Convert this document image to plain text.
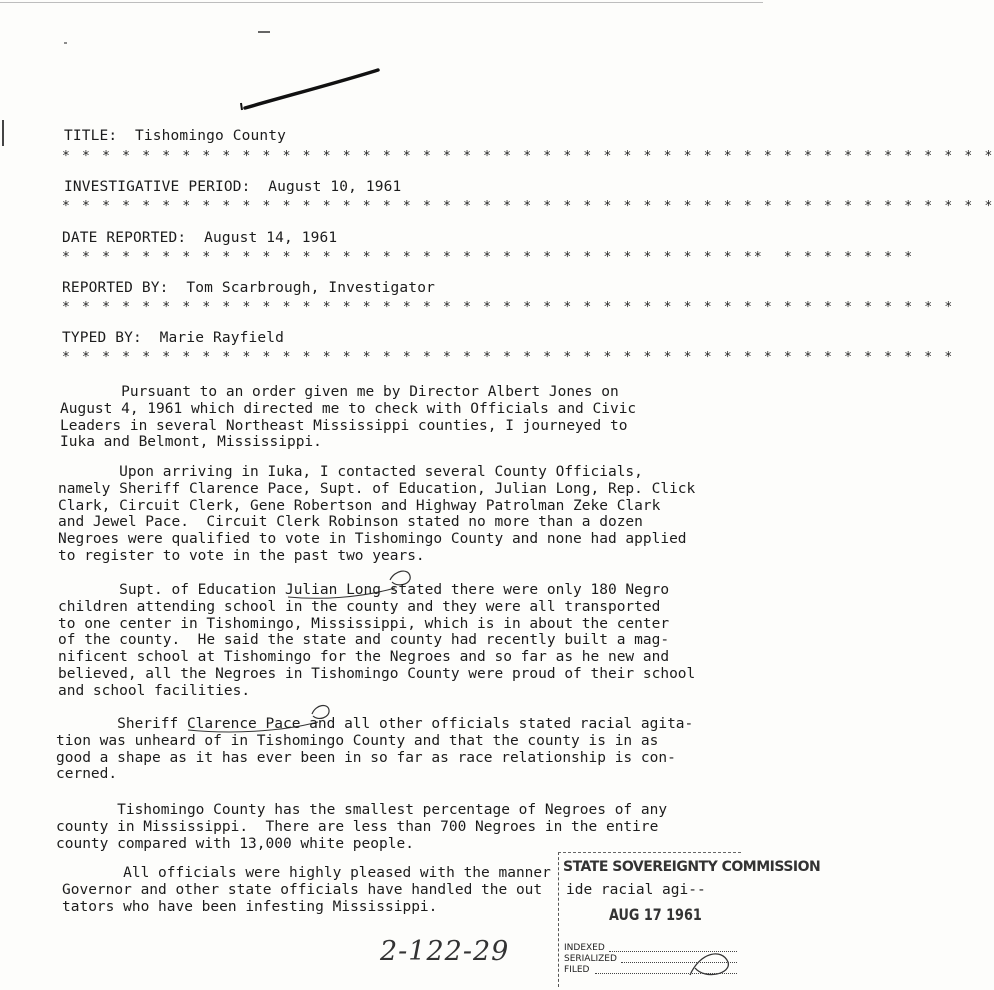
TITLE:  Tishomingo County
* * * * * * * * * * * * * * * * * * * * * * * * * * * * * * * * * * * * * * * * * * * * * * *
INVESTIGATIVE PERIOD:  August 10, 1961
* * * * * * * * * * * * * * * * * * * * * * * * * * * * * * * * * * * * * * * * * * * * * * *
DATE REPORTED:  August 14, 1961
* * * * * * * * * * * * * * * * * * * * * * * * * * * * * * * * * * **  * * * * * * *
REPORTED BY:  Tom Scarbrough, Investigator
* * * * * * * * * * * * * * * * * * * * * * * * * * * * * * * * * * * * * * * * * * * * *
TYPED BY:  Marie Rayfield
* * * * * * * * * * * * * * * * * * * * * * * * * * * * * * * * * * * * * * * * * * * * *
Pursuant to an order given me by Director Albert Jones on
August 4, 1961 which directed me to check with Officials and Civic
Leaders in several Northeast Mississippi counties, I journeyed to
Iuka and Belmont, Mississippi.
Upon arriving in Iuka, I contacted several County Officials,
namely Sheriff Clarence Pace, Supt. of Education, Julian Long, Rep. Click
Clark, Circuit Clerk, Gene Robertson and Highway Patrolman Zeke Clark
and Jewel Pace.  Circuit Clerk Robinson stated no more than a dozen
Negroes were qualified to vote in Tishomingo County and none had applied
to register to vote in the past two years.
Supt. of Education Julian Long stated there were only 180 Negro
children attending school in the county and they were all transported
to one center in Tishomingo, Mississippi, which is in about the center
of the county.  He said the state and county had recently built a mag-
nificent school at Tishomingo for the Negroes and so far as he new and
believed, all the Negroes in Tishomingo County were proud of their school
and school facilities.
Sheriff Clarence Pace and all other officials stated racial agita-
tion was unheard of in Tishomingo County and that the county is in as
good a shape as it has ever been in so far as race relationship is con-
cerned.
Tishomingo County has the smallest percentage of Negroes of any
county in Mississippi.  There are less than 700 Negroes in the entire
county compared with 13,000 white people.
All officials were highly pleased with the manner
Governor and other state officials have handled the out
tators who have been infesting Mississippi.
ide racial agi--
STATE SOVEREIGNTY COMMISSION
AUG 17 1961
INDEXED
SERIALIZED
FILED
2-122-29
